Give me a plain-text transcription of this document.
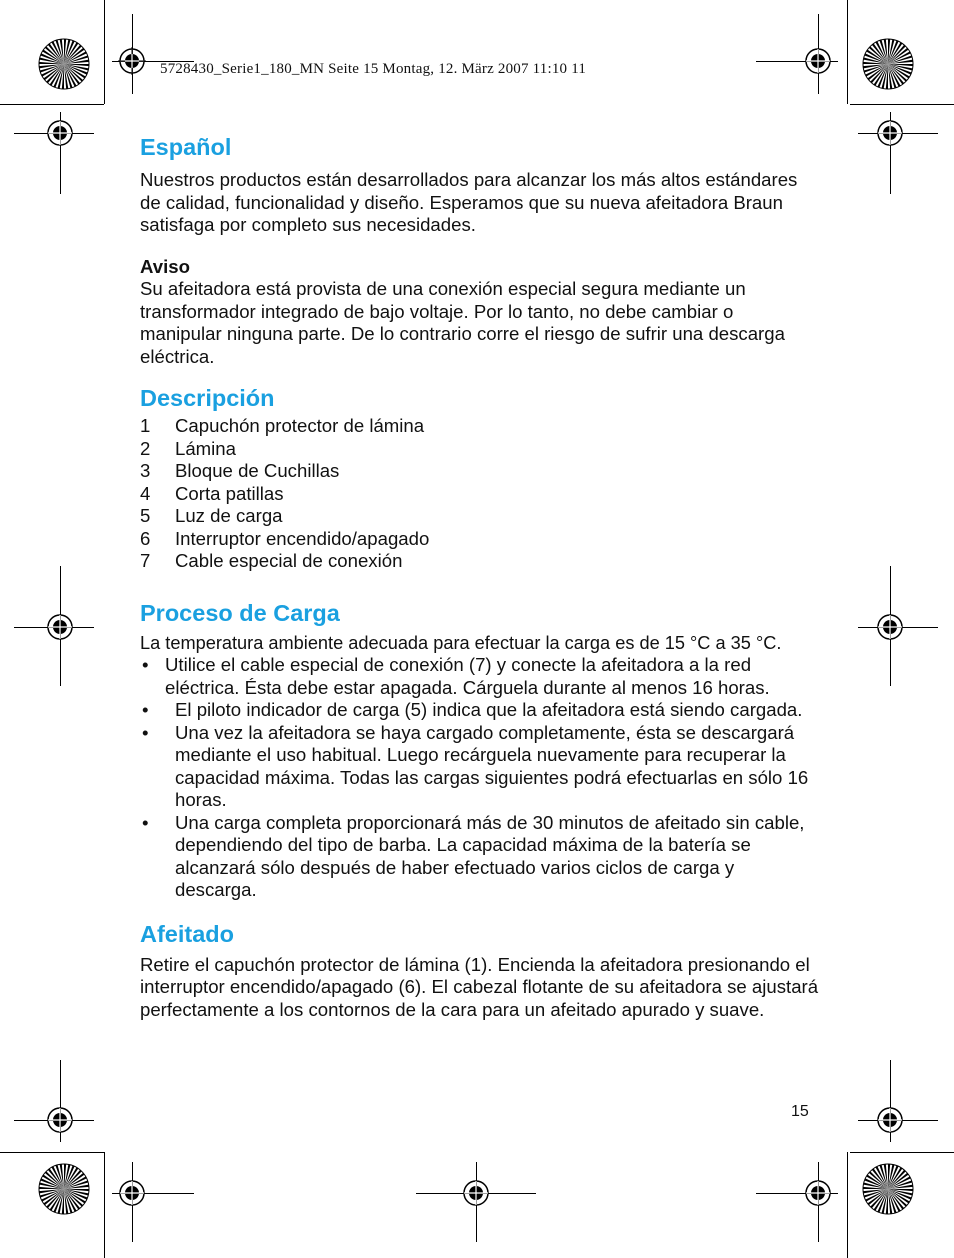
5728430_Serie1_180_MN Seite 15 Montag, 12. März 2007 11:10 11
Español

Nuestros productos están desarrollados para alcanzar los más altos estándares de calidad, funcionalidad y diseño. Esperamos que su nueva afeitadora Braun satisfaga por completo sus necesidades.

Aviso

Su afeitadora está provista de una conexión especial segura mediante un transformador integrado de bajo voltaje. Por lo tanto, no debe cambiar o manipular ninguna parte. De lo contrario corre el riesgo de sufrir una descarga eléctrica.

Descripción
1	Capuchón protector de lámina
2	Lámina
3	Bloque de Cuchillas
4	Corta patillas
5	Luz de carga
6	Interruptor encendido/apagado
7	Cable especial de conexión
Proceso de Carga

La temperatura ambiente adecuada para efectuar la carga es de 15 °C a 35 °C.

• Utilice el cable especial de conexión (7) y conecte la afeitadora a la red eléctrica. Ésta debe estar apagada. Cárguela durante al menos 16 horas.
•	El piloto indicador de carga (5) indica que la afeitadora está siendo cargada.
•	Una vez la afeitadora se haya cargado completamente, ésta se descargará mediante el uso habitual. Luego recárguela nuevamente para recuperar la capacidad máxima. Todas las cargas siguientes podrá efectuarlas en sólo 16 horas.
•	Una carga completa proporcionará más de 30 minutos de afeitado sin cable, dependiendo del tipo de barba. La capacidad máxima de la batería se alcanzará sólo después de haber efectuado varios ciclos de carga y descarga.
Afeitado

Retire el capuchón protector de lámina (1). Encienda la afeitadora presionando el interruptor encendido/apagado (6). El cabezal flotante de su afeitadora se ajustará perfectamente a los contornos de la cara para un afeitado apurado y suave.

15
